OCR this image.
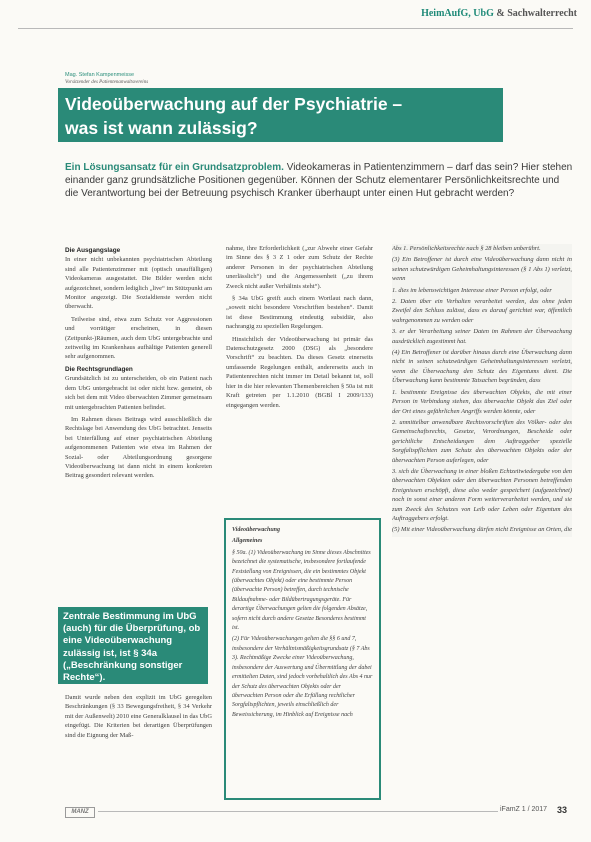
HeimAufG, UbG & Sachwalterrecht
Mag. Stefan Kampenmeisse
Vorsitzender des Patientenanwaltsvereins
Videoüberwachung auf der Psychiatrie –
was ist wann zulässig?
Ein Lösungsansatz für ein Grundsatzproblem. Videokameras in Patientenzimmern – darf das sein? Hier stehen einander ganz grundsätzliche Positionen gegenüber. Können der Schutz elementarer Persönlichkeitsrechte und die Verantwortung bei der Betreuung psychisch Kranker überhaupt unter einen Hut gebracht werden?
Die Ausgangslage

In einer nicht unbekannten psychiatrischen Abteilung sind alle Patientenzimmer mit (optisch unauffälligen) Videokameras ausgestattet. Die Bilder werden nicht aufgezeichnet, sondern lediglich „live“ im Stützpunkt am Monitor angezeigt. Die Sozialdienste werden nicht überwacht.

Teilweise sind, etwa zum Schutz vor Aggressionen und vorrätiger erscheinen, in diesen (Zeitpunkt-)Räumen, auch dem UbG untergebrachte und zeitweilig im Krankenhaus aufhältige Patienten generell sehr aufgenommen.

Die Rechtsgrundlagen

Grundsätzlich ist zu unterscheiden, ob ein Patient nach dem UbG untergebracht ist oder nicht bzw. gemeint, ob sich bei dem mit Video überwachten Zimmer gemeinsam mit untergebrachten Patienten befindet.

Im Rahmen dieses Beitrags wird ausschließlich die Rechtslage bei Anwendung des UbG betrachtet. Jenseits bei Unterfällung auf einer psychiatrischen Abteilung aufgenommenen Patienten wie etwa im Rahmen der Sozial- oder Abteilungsordnung gesorgene Videoüberwachung ist dann nicht in einem konkreten Beitrag gesondert relevant werden.

Zentrale Bestimmung im UbG (auch) für die Überprüfung, ob eine Videoüberwachung zulässig ist, ist § 34a („Beschränkung sonstiger Rechte“).

Damit wurde neben den explizit im UbG geregelten Beschränkungen (§ 33 Bewegungsfreiheit, § 34 Verkehr mit der Außenwelt) 2010 eine Generalklausel in das UbG eingefügt. Die Kriterien bei derartigen Überprüfungen sind die Eignung der Maß-

nahme, ihre Erforderlichkeit („zur Abwehr einer Gefahr im Sinne des § 3 Z 1 oder zum Schutz der Rechte anderer Personen in der psychiatrischen Abteilung unerlässlich“) und die Angemessenheit („zu ihrem Zweck nicht außer Verhältnis steht“).

§ 34a UbG greift auch einem Wortlaut nach dann, „soweit nicht besondere Vorschriften bestehen“. Damit ist diese Bestimmung eindeutig subsidiär, also nachrangig zu speziellen Regelungen.

Hinsichtlich der Videoüberwachung ist primär das Datenschutzgesetz 2000 (DSG) als „besondere Vorschrift“ zu beachten. Da dieses Gesetz einerseits umfassende Regelungen enthält, andererseits auch in Patientenrechten nicht immer im Detail bekannt ist, soll hier in die hier relevanten Themenbereichen § 50a ist mit Kraft getreten per 1.1.2010 (BGBl I 2009/133) eingegangen werden.

Videoüberwachung

Allgemeines

§ 50a. (1) Videoüberwachung im Sinne dieses Abschnittes bezeichnet die systematische, insbesondere fortlaufende Feststellung von Ereignissen, die ein bestimmtes Objekt (überwachtes Objekt) oder eine bestimmte Person (überwachte Person) betreffen, durch technische Bildaufnahme- oder Bildübertragungsgeräte. Für derartige Überwachungen gelten die folgenden Absätze, sofern nicht durch andere Gesetze Besonderes bestimmt ist.

(2) Für Videoüberwachungen gelten die §§ 6 und 7, insbesondere der Verhältnismäßigkeitsgrundsatz (§ 7 Abs 3). Rechtmäßige Zwecke einer Videoüberwachung, insbesondere der Auswertung und Übermittlung der dabei ermittelten Daten, sind jedoch vorbehaltlich des Abs 4 nur der Schutz des überwachten Objekts oder der überwachten Person oder die Erfüllung rechtlicher Sorgfaltspflichten, jeweils einschließlich der Beweissicherung, im Hinblick auf Ereignisse nach

Abs 1. Persönlichkeitsrechte nach § 28 bleiben unberührt.

(3) Ein Betroffener ist durch eine Videoüberwachung dann nicht in seinen schutzwürdigen Geheimhaltungsinteressen (§ 1 Abs 1) verletzt, wenn

1. dies im lebenswichtigen Interesse einer Person erfolgt, oder

2. Daten über ein Verhalten verarbeitet werden, das ohne jeden Zweifel den Schluss zulässt, dass es darauf gerichtet war, öffentlich wahrgenommen zu werden oder

3. er der Verarbeitung seiner Daten im Rahmen der Überwachung ausdrücklich zugestimmt hat.

(4) Ein Betroffener ist darüber hinaus durch eine Überwachung dann nicht in seinen schutzwürdigen Geheimhaltungsinteressen verletzt, wenn die Überwachung den Schutz des Eigentums dient. Die Überwachung kann bestimmte Tatsachen begründen, dass

1. bestimmte Ereignisse des überwachten Objekts, die mit einer Person in Verbindung stehen, das überwachte Objekt das Ziel oder der Ort eines gefährlichen Angriffs werden könnte, oder

2. unmittelbar anwendbare Rechtsvorschriften des Völker- oder des Gemeinschaftsrechts, Gesetze, Verordnungen, Bescheide oder gerichtliche Entscheidungen dem Auftraggeber spezielle Sorgfaltspflichten zum Schutz des überwachten Objekts oder der überwachten Person auferlegen, oder

3. sich die Überwachung in einer bloßen Echtzeitwiedergabe von den überwachten Objekten oder den überwachten Personen betreffenden Ereignissen erschöpft, diese also weder gespeichert (aufgezeichnet) noch in sonst einer anderen Form weiterverarbeitet werden, und sie zum Zweck des Schutzes von Leib oder Leben oder Eigentum des Auftraggebers erfolgt.

(5) Mit einer Videoüberwachung dürfen nicht Ereignisse an Orten, die

MANZ	iFamZ 1 / 2017 33
